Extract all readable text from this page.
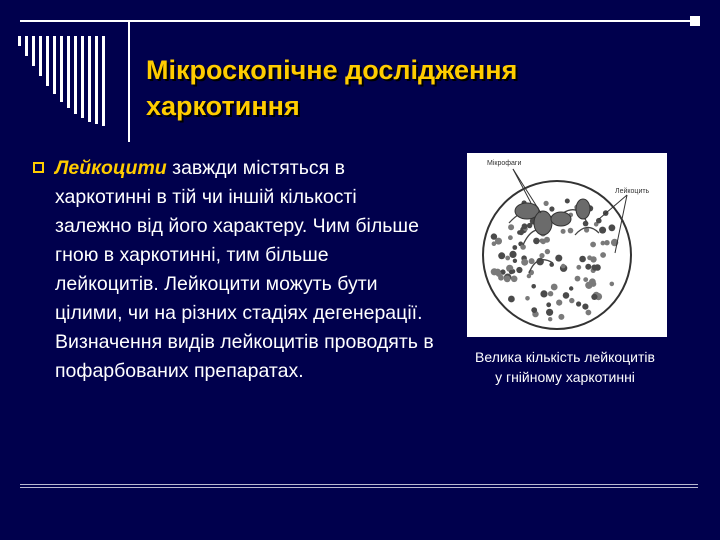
Мікроскопічне дослідження
харкотиння
Лейкоцити завжди містяться в харкотинні в тій чи іншій кількості залежно від його характеру. Чим більше гною в харкотинні, тим більше лейкоцитів. Лейкоцити можуть бути цілими, чи на різних стадіях дегенерації. Визначення видів лейкоцитів проводять в пофарбованих препаратах.
Мікрофаги
Лейкоцить
Велика кількість лейкоцитів
у гнійному харкотинні
